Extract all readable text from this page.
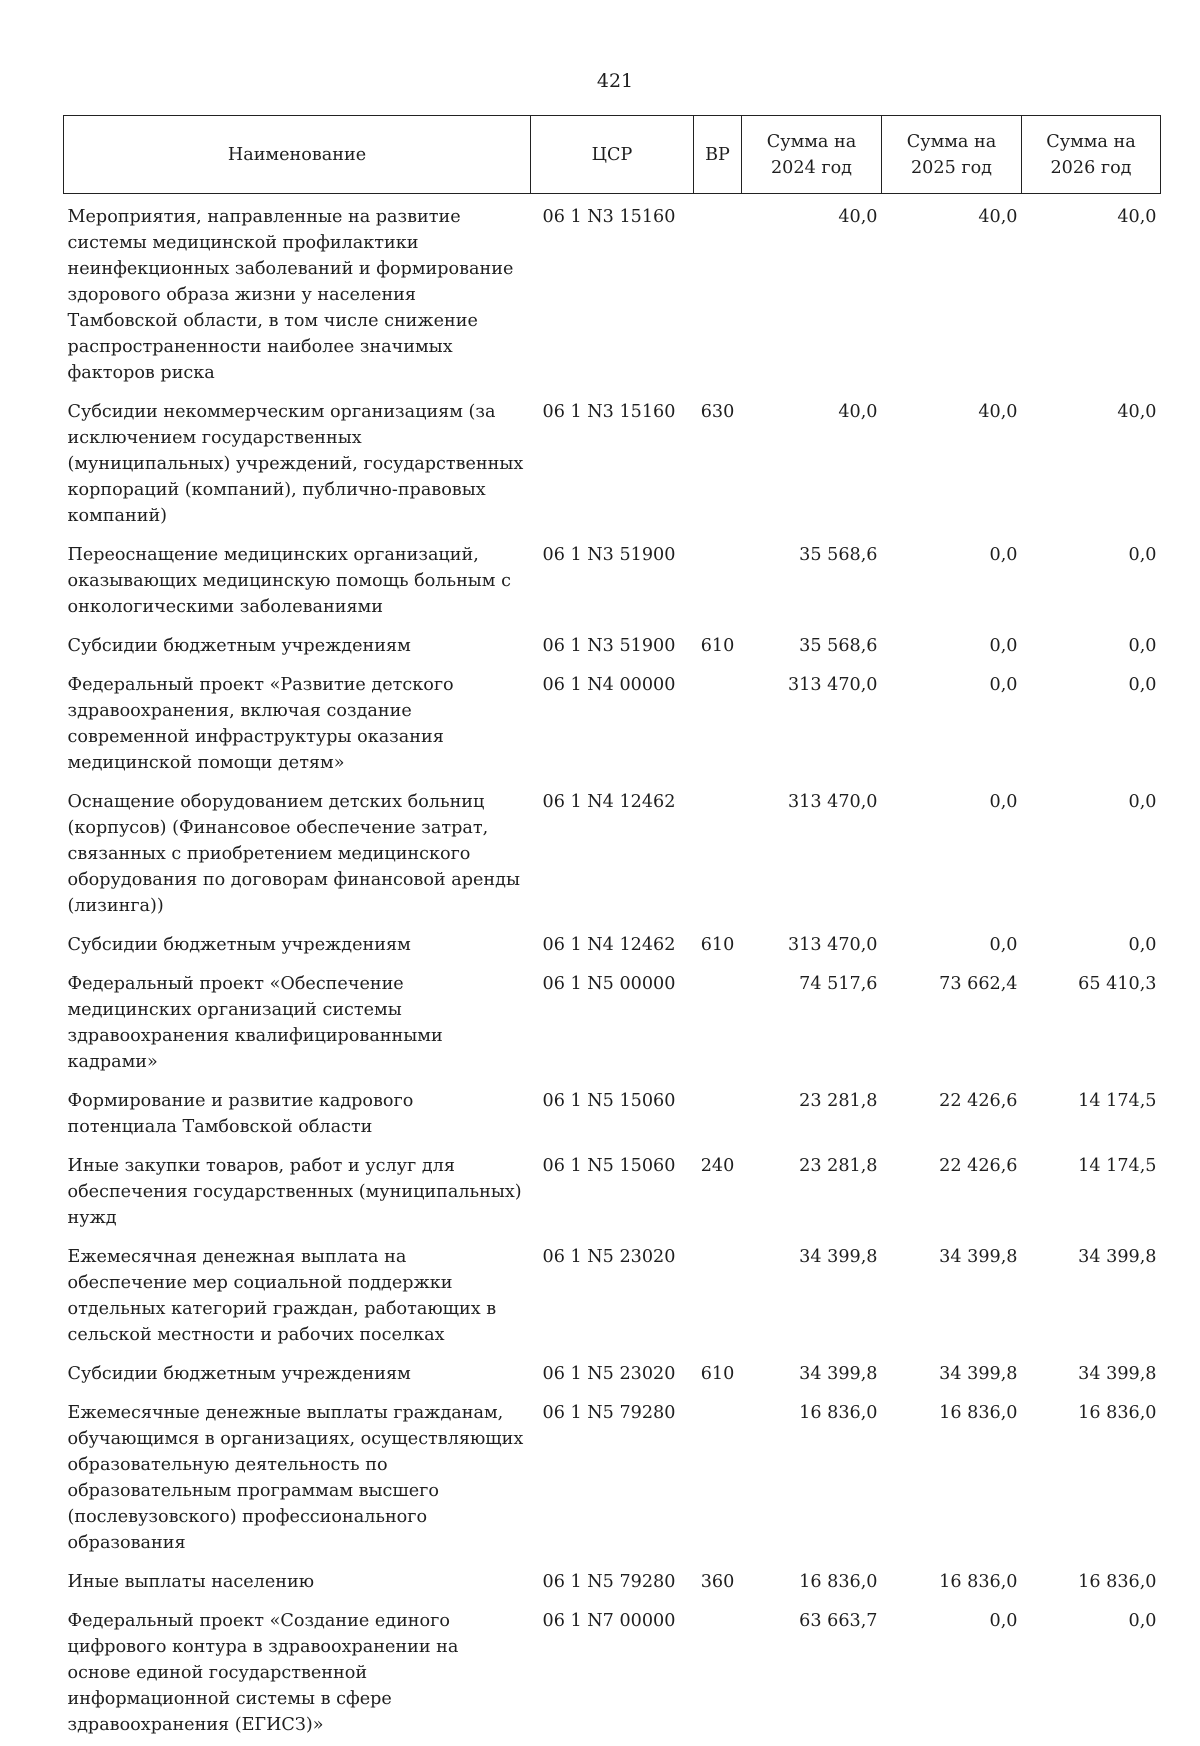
421
Наименование	ЦСР	ВР	Сумма на 2024 год	Сумма на 2025 год	Сумма на 2026 год
Мероприятия, направленные на развитие системы медицинской профилактики неинфекционных заболеваний и формирование здорового образа жизни у населения Тамбовской области, в том числе снижение распространенности наиболее значимых факторов риска	06 1 N3 15160		40,0	40,0	40,0
Субсидии некоммерческим организациям (за исключением государственных (муниципальных) учреждений, государственных корпораций (компаний), публично-правовых компаний)	06 1 N3 15160	630	40,0	40,0	40,0
Переоснащение медицинских организаций, оказывающих медицинскую помощь больным с онкологическими заболеваниями	06 1 N3 51900		35 568,6	0,0	0,0
Субсидии бюджетным учреждениям	06 1 N3 51900	610	35 568,6	0,0	0,0
Федеральный проект «Развитие детского здравоохранения, включая создание современной инфраструктуры оказания медицинской помощи детям»	06 1 N4 00000		313 470,0	0,0	0,0
Оснащение оборудованием детских больниц (корпусов) (Финансовое обеспечение затрат, связанных с приобретением медицинского оборудования по договорам финансовой аренды (лизинга))	06 1 N4 12462		313 470,0	0,0	0,0
Субсидии бюджетным учреждениям	06 1 N4 12462	610	313 470,0	0,0	0,0
Федеральный проект «Обеспечение медицинских организаций системы здравоохранения квалифицированными кадрами»	06 1 N5 00000		74 517,6	73 662,4	65 410,3
Формирование и развитие кадрового потенциала Тамбовской области	06 1 N5 15060		23 281,8	22 426,6	14 174,5
Иные закупки товаров, работ и услуг для обеспечения государственных (муниципальных) нужд	06 1 N5 15060	240	23 281,8	22 426,6	14 174,5
Ежемесячная денежная выплата на обеспечение мер социальной поддержки отдельных категорий граждан, работающих в сельской местности и рабочих поселках	06 1 N5 23020		34 399,8	34 399,8	34 399,8
Субсидии бюджетным учреждениям	06 1 N5 23020	610	34 399,8	34 399,8	34 399,8
Ежемесячные денежные выплаты гражданам, обучающимся в организациях, осуществляющих образовательную деятельность по образовательным программам высшего (послевузовского) профессионального образования	06 1 N5 79280		16 836,0	16 836,0	16 836,0
Иные выплаты населению	06 1 N5 79280	360	16 836,0	16 836,0	16 836,0
Федеральный проект «Создание единого цифрового контура в здравоохранении на основе единой государственной информационной системы в сфере здравоохранения (ЕГИСЗ)»	06 1 N7 00000		63 663,7	0,0	0,0
